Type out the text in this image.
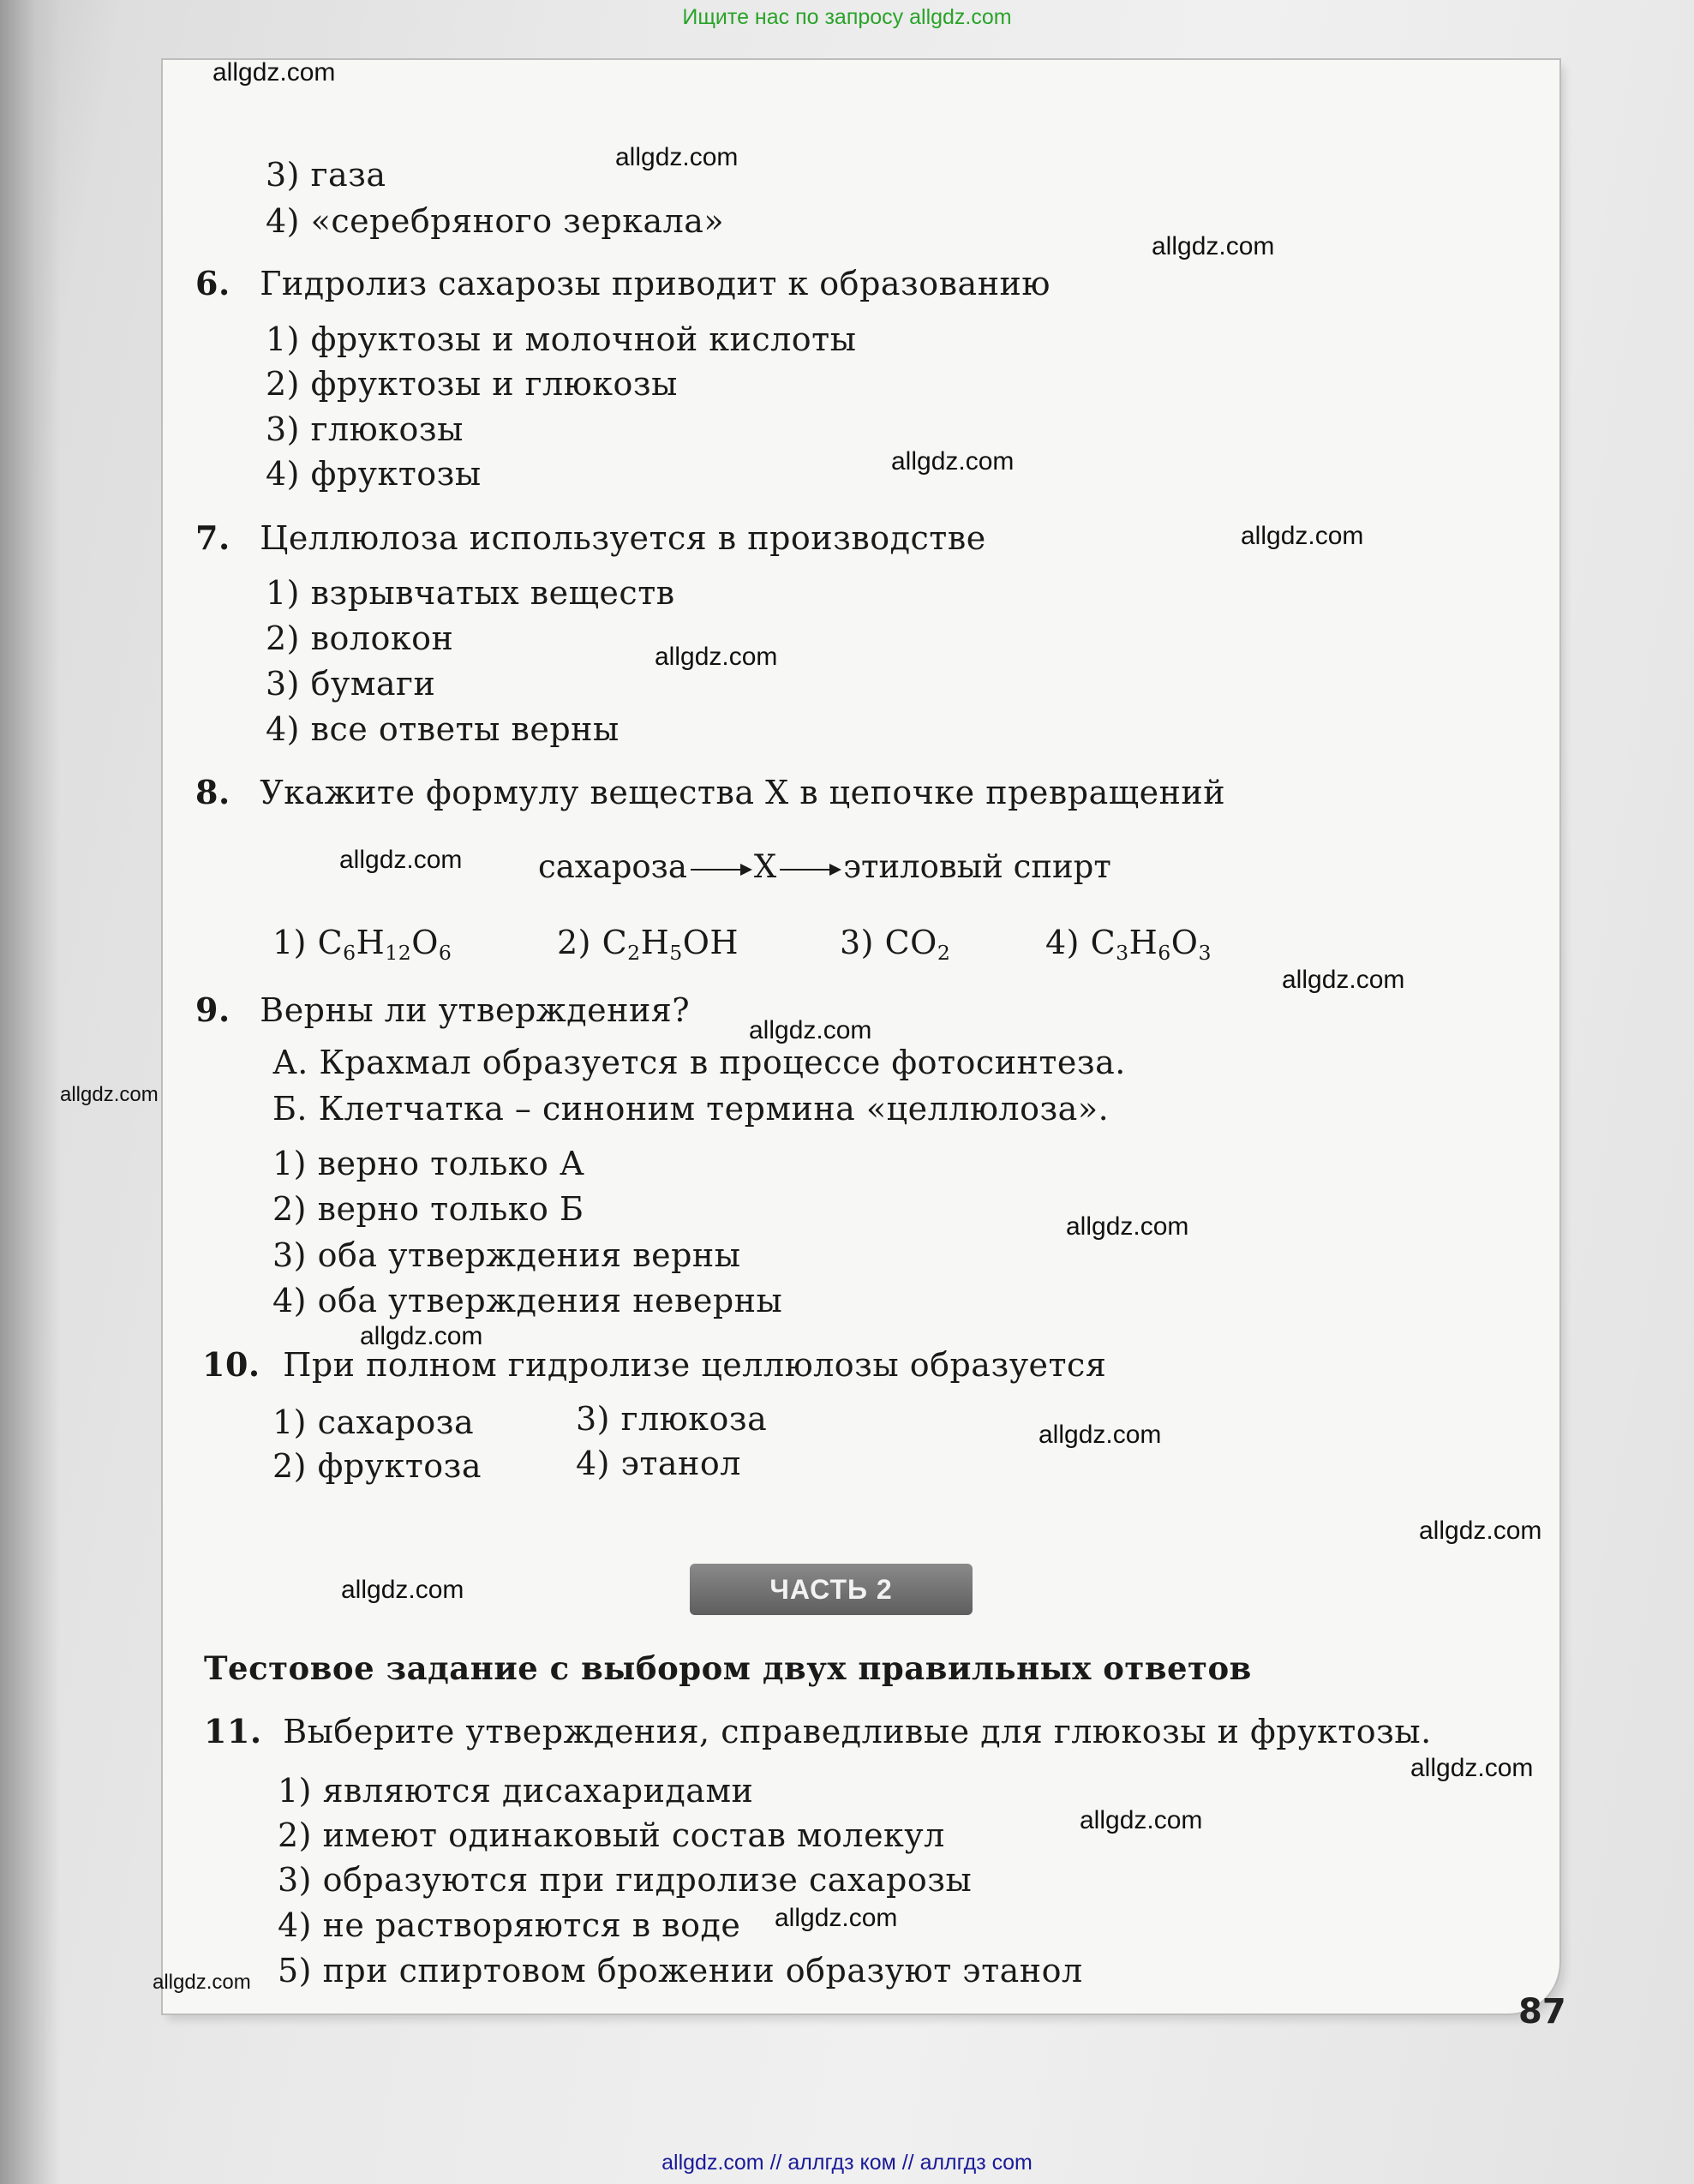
Ищите нас по запросу allgdz.com
3) газа
4) «серебряного зеркала»
6. Гидролиз сахарозы приводит к образованию
1) фруктозы и молочной кислоты
2) фруктозы и глюкозы
3) глюкозы
4) фруктозы
7. Целлюлоза используется в производстве
1) взрывчатых веществ
2) волокон
3) бумаги
4) все ответы верны
8. Укажите формулу вещества Х в цепочке превращений
сахароза Х этиловый спирт
1) $C_6H_{12}O_6$	2) $C_2H_5OH$	3) $CO_2$	4) $C_3H_6O_3$
9. Верны ли утверждения?
А. Крахмал образуется в процессе фотосинтеза.
Б. Клетчатка – синоним термина «целлюлоза».
1) верно только А
2) верно только Б
3) оба утверждения верны
4) оба утверждения неверны
10. При полном гидролизе целлюлозы образуется
1) сахароза	3) глюкоза
2) фруктоза	4) этанол
ЧАСТЬ 2
Тестовое задание с выбором двух правильных ответов
11. Выберите утверждения, справедливые для глюкозы и фруктозы.
1) являются дисахаридами
2) имеют одинаковый состав молекул
3) образуются при гидролизе сахарозы
4) не растворяются в воде
5) при спиртовом брожении образуют этанол
87
allgdz.com
allgdz.com
allgdz.com
allgdz.com
allgdz.com
allgdz.com
allgdz.com
allgdz.com
allgdz.com
allgdz.com
allgdz.com
allgdz.com
allgdz.com
allgdz.com
allgdz.com
allgdz.com
allgdz.com
allgdz.com
allgdz.com
allgdz.com // аллгдз ком // аллгдз com
